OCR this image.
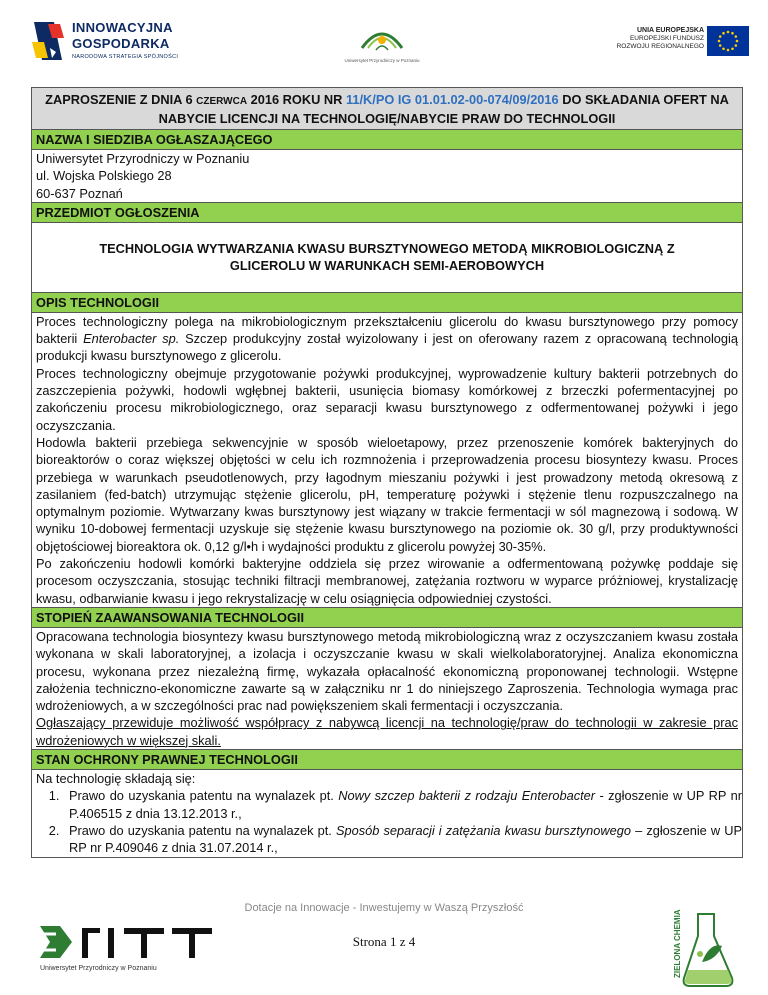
INNOWACYJNA
GOSPODARKA
NARODOWA STRATEGIA SPÓJNOŚCI
Uniwersytet Przyrodniczy w Poznaniu
UNIA EUROPEJSKA
EUROPEJSKI FUNDUSZ
ROZWOJU REGIONALNEGO
ZAPROSZENIE Z DNIA 6 CZERWCA 2016 ROKU NR 11/K/PO IG 01.01.02-00-074/09/2016 DO SKŁADANIA OFERT NA NABYCIE LICENCJI NA TECHNOLOGIĘ/NABYCIE PRAW DO TECHNOLOGII
NAZWA I SIEDZIBA OGŁASZAJĄCEGO
Uniwersytet Przyrodniczy w Poznaniu
ul. Wojska Polskiego 28
60-637 Poznań
PRZEDMIOT OGŁOSZENIA
TECHNOLOGIA WYTWARZANIA KWASU BURSZTYNOWEGO METODĄ MIKROBIOLOGICZNĄ Z GLICEROLU W WARUNKACH SEMI-AEROBOWYCH
OPIS TECHNOLOGII
Proces technologiczny polega na mikrobiologicznym przekształceniu glicerolu do kwasu bursztynowego przy pomocy bakterii Enterobacter sp. Szczep produkcyjny został wyizolowany i jest on oferowany razem z opracowaną technologią produkcji kwasu bursztynowego z glicerolu.
Proces technologiczny obejmuje przygotowanie pożywki produkcyjnej, wyprowadzenie kultury bakterii potrzebnych do zaszczepienia pożywki, hodowli wgłębnej bakterii, usunięcia biomasy komórkowej z brzeczki pofermentacyjnej po zakończeniu procesu mikrobiologicznego, oraz separacji kwasu bursztynowego z odfermentowanej pożywki i jego oczyszczania.
Hodowla bakterii przebiega sekwencyjnie w sposób wieloetapowy, przez przenoszenie komórek bakteryjnych do bioreaktorów o coraz większej objętości w celu ich rozmnożenia i przeprowadzenia procesu biosyntezy kwasu. Proces przebiega w warunkach pseudotlenowych, przy łagodnym mieszaniu pożywki i jest prowadzony metodą okresową z zasilaniem (fed-batch) utrzymując stężenie glicerolu, pH, temperaturę pożywki i stężenie tlenu rozpuszczalnego na optymalnym poziomie. Wytwarzany kwas bursztynowy jest wiązany w trakcie fermentacji w sól magnezową i sodową. W wyniku 10-dobowej fermentacji uzyskuje się stężenie kwasu bursztynowego na poziomie ok. 30 g/l, przy produktywności objętościowej bioreaktora ok. 0,12 g/l•h i wydajności produktu z glicerolu powyżej 30-35%.
Po zakończeniu hodowli komórki bakteryjne oddziela się przez wirowanie a odfermentowaną pożywkę poddaje się procesom oczyszczania, stosując techniki filtracji membranowej, zatężania roztworu w wyparce próżniowej, krystalizację kwasu, odbarwianie kwasu i jego rekrystalizację w celu osiągnięcia odpowiedniej czystości.
STOPIEŃ ZAAWANSOWANIA TECHNOLOGII
Opracowana technologia biosyntezy kwasu bursztynowego metodą mikrobiologiczną wraz z oczyszczaniem kwasu została wykonana w skali laboratoryjnej, a izolacja i oczyszczanie kwasu w skali wielkolaboratoryjnej. Analiza ekonomiczna procesu, wykonana przez niezależną firmę, wykazała opłacalność ekonomiczną proponowanej technologii. Wstępne założenia techniczno-ekonomiczne zawarte są w załączniku nr 1 do niniejszego Zaproszenia. Technologia wymaga prac wdrożeniowych, a w szczególności prac nad powiększeniem skali fermentacji i oczyszczania.
Ogłaszający przewiduje możliwość współpracy z nabywcą licencji na technologię/praw do technologii w zakresie prac wdrożeniowych w większej skali.
STAN OCHRONY PRAWNEJ TECHNOLOGII
Na technologię składają się:
1. Prawo do uzyskania patentu na wynalazek pt. Nowy szczep bakterii z rodzaju Enterobacter - zgłoszenie w UP RP nr P.406515 z dnia 13.12.2013 r.,
2. Prawo do uzyskania patentu na wynalazek pt. Sposób separacji i zatężania kwasu bursztynowego – zgłoszenie w UP RP nr P.409046 z dnia 31.07.2014 r.,
Dotacje na Innowacje - Inwestujemy w Waszą Przyszłość
Uniwersytet Przyrodniczy w Poznaniu
Strona 1 z 4	ZIELONA CHEMIA
